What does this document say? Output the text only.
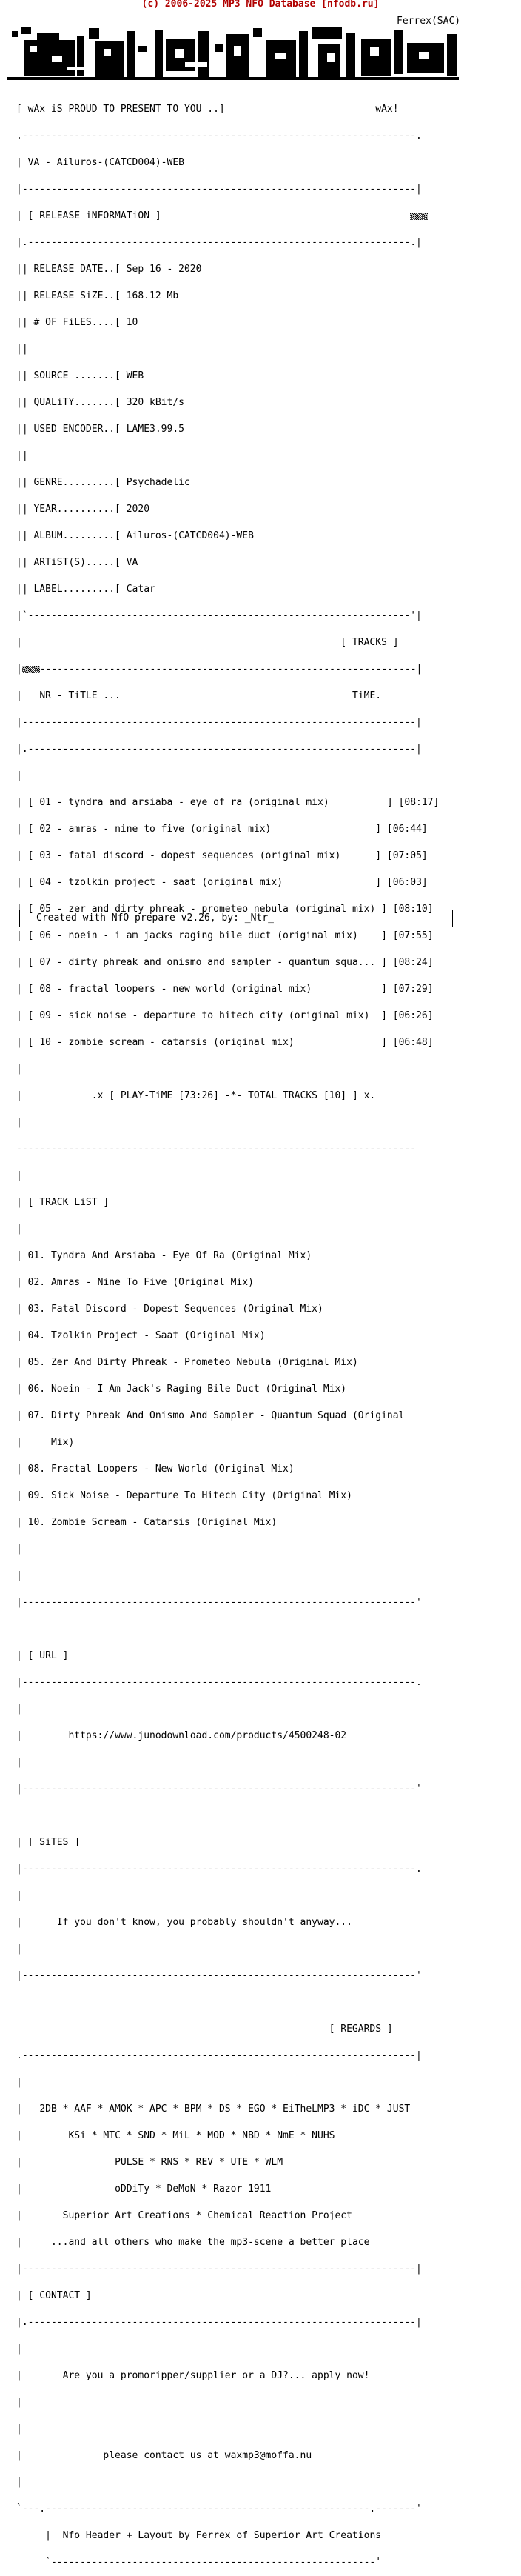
(c) 2006-2025 MP3 NFO Database [nfodb.ru]
Ferrex(SAC)

[ wAx iS PROUD TO PRESENT TO YOU ..]	wAx!

.--------------------------------------------------------------------.

| VA - Ailuros-(CATCD004)-WEB

|--------------------------------------------------------------------|

| [ RELEASE iNFORMATiON ]

|.------------------------------------------------------------------.|

|| RELEASE DATE..[ Sep 16 - 2020

|| RELEASE SiZE..[ 168.12 Mb

|| # OF FiLES....[ 10

||

|| SOURCE .......[ WEB

|| QUALiTY.......[ 320 kBit/s

|| USED ENCODER..[ LAME3.99.5

||

|| GENRE.........[ Psychadelic

|| YEAR..........[ 2020

|| ALBUM.........[ Ailuros-(CATCD004)-WEB

|| ARTiST(S).....[ VA

|| LABEL.........[ Catar

|`------------------------------------------------------------------'|

|                                                       [ TRACKS ]

| -----------------------------------------------------------------|

|   NR - TiTLE ...	TiME.

|--------------------------------------------------------------------|

|.-------------------------------------------------------------------|

|

| [ 01 - tyndra and arsiaba - eye of ra (original mix)          ] [08:17]

| [ 02 - amras - nine to five (original mix)                  ] [06:44]

| [ 03 - fatal discord - dopest sequences (original mix)      ] [07:05]

| [ 04 - tzolkin project - saat (original mix)                ] [06:03]

| [ 05 - zer and dirty phreak - prometeo nebula (original mix) ] [08:10]

| [ 06 - noein - i am jacks raging bile duct (original mix)    ] [07:55]

| [ 07 - dirty phreak and onismo and sampler - quantum squa... ] [08:24]

| [ 08 - fractal loopers - new world (original mix)            ] [07:29]

| [ 09 - sick noise - departure to hitech city (original mix)  ] [06:26]

| [ 10 - zombie scream - catarsis (original mix)               ] [06:48]

|

|            .x [ PLAY-TiME [73:26] -*- TOTAL TRACKS [10] ] x.

|

---------------------------------------------------------------------

|

| [ TRACK LiST ]

|

| 01. Tyndra And Arsiaba - Eye Of Ra (Original Mix)

| 02. Amras - Nine To Five (Original Mix)

| 03. Fatal Discord - Dopest Sequences (Original Mix)

| 04. Tzolkin Project - Saat (Original Mix)

| 05. Zer And Dirty Phreak - Prometeo Nebula (Original Mix)

| 06. Noein - I Am Jack's Raging Bile Duct (Original Mix)

| 07. Dirty Phreak And Onismo And Sampler - Quantum Squad (Original

|     Mix)

| 08. Fractal Loopers - New World (Original Mix)

| 09. Sick Noise - Departure To Hitech City (Original Mix)

| 10. Zombie Scream - Catarsis (Original Mix)

|

|

|--------------------------------------------------------------------'

| [ URL ]

|--------------------------------------------------------------------.

|

|        https://www.junodownload.com/products/4500248-02

|

|--------------------------------------------------------------------'

| [ SiTES ]

|--------------------------------------------------------------------.

|

|      If you don't know, you probably shouldn't anyway...

|

|--------------------------------------------------------------------'

[ REGARDS ]

.--------------------------------------------------------------------|

|

|   2DB * AAF * AMOK * APC * BPM * DS * EGO * EiTheLMP3 * iDC * JUST

|        KSi * MTC * SND * MiL * MOD * NBD * NmE * NUHS

|                PULSE * RNS * REV * UTE * WLM

|                oDDiTy * DeMoN * Razor 1911

|       Superior Art Creations * Chemical Reaction Project

|     ...and all others who make the mp3-scene a better place

|--------------------------------------------------------------------|

| [ CONTACT ]

|.-------------------------------------------------------------------|

|

|       Are you a promoripper/supplier or a DJ?... apply now!

|

|

|              please contact us at waxmp3@moffa.nu

|

`---.--------------------------------------------------------.-------'

|  Nfo Header + Layout by Ferrex of Superior Art Creations

`--------------------------------------------------------'

Created with NfO prepare v2.26, by: _Ntr_
